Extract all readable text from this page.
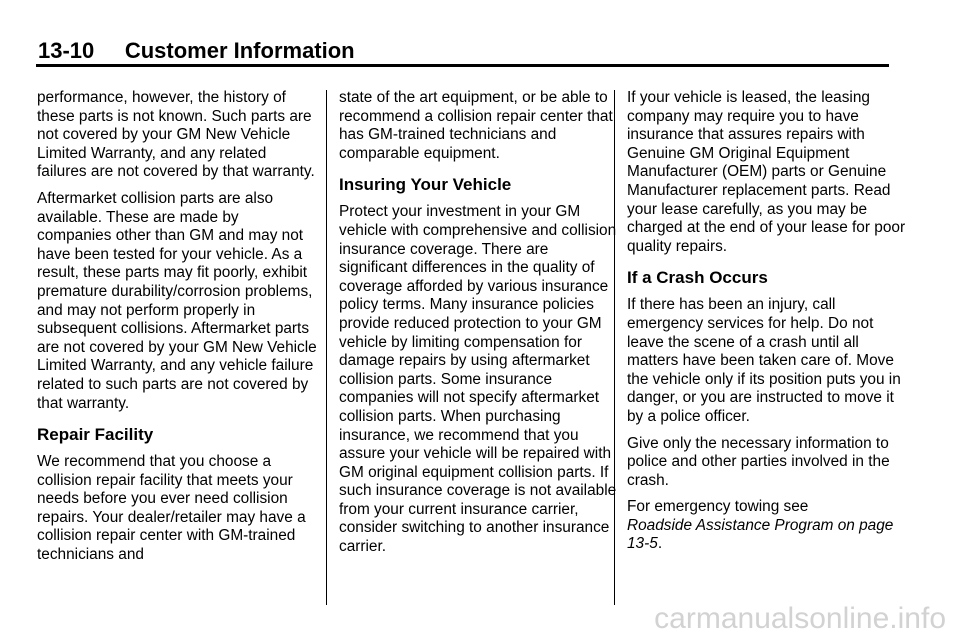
13-10     Customer Information

performance, however, the history of these parts is not known. Such parts are not covered by your GM New Vehicle Limited Warranty, and any related failures are not covered by that warranty.

Aftermarket collision parts are also available. These are made by companies other than GM and may not have been tested for your vehicle. As a result, these parts may fit poorly, exhibit premature durability/corrosion problems, and may not perform properly in subsequent collisions. Aftermarket parts are not covered by your GM New Vehicle Limited Warranty, and any vehicle failure related to such parts are not covered by that warranty.

Repair Facility

We recommend that you choose a collision repair facility that meets your needs before you ever need collision repairs. Your dealer/retailer may have a collision repair center with GM-trained technicians and

state of the art equipment, or be able to recommend a collision repair center that has GM-trained technicians and comparable equipment.

Insuring Your Vehicle

Protect your investment in your GM vehicle with comprehensive and collision insurance coverage. There are significant differences in the quality of coverage afforded by various insurance policy terms. Many insurance policies provide reduced protection to your GM vehicle by limiting compensation for damage repairs by using aftermarket collision parts. Some insurance companies will not specify aftermarket collision parts. When purchasing insurance, we recommend that you assure your vehicle will be repaired with GM original equipment collision parts. If such insurance coverage is not available from your current insurance carrier, consider switching to another insurance carrier.

If your vehicle is leased, the leasing company may require you to have insurance that assures repairs with Genuine GM Original Equipment Manufacturer (OEM) parts or Genuine Manufacturer replacement parts. Read your lease carefully, as you may be charged at the end of your lease for poor quality repairs.

If a Crash Occurs

If there has been an injury, call emergency services for help. Do not leave the scene of a crash until all matters have been taken care of. Move the vehicle only if its position puts you in danger, or you are instructed to move it by a police officer.

Give only the necessary information to police and other parties involved in the crash.

For emergency towing see
Roadside Assistance Program on page 13-5.

carmanualsonline.info
